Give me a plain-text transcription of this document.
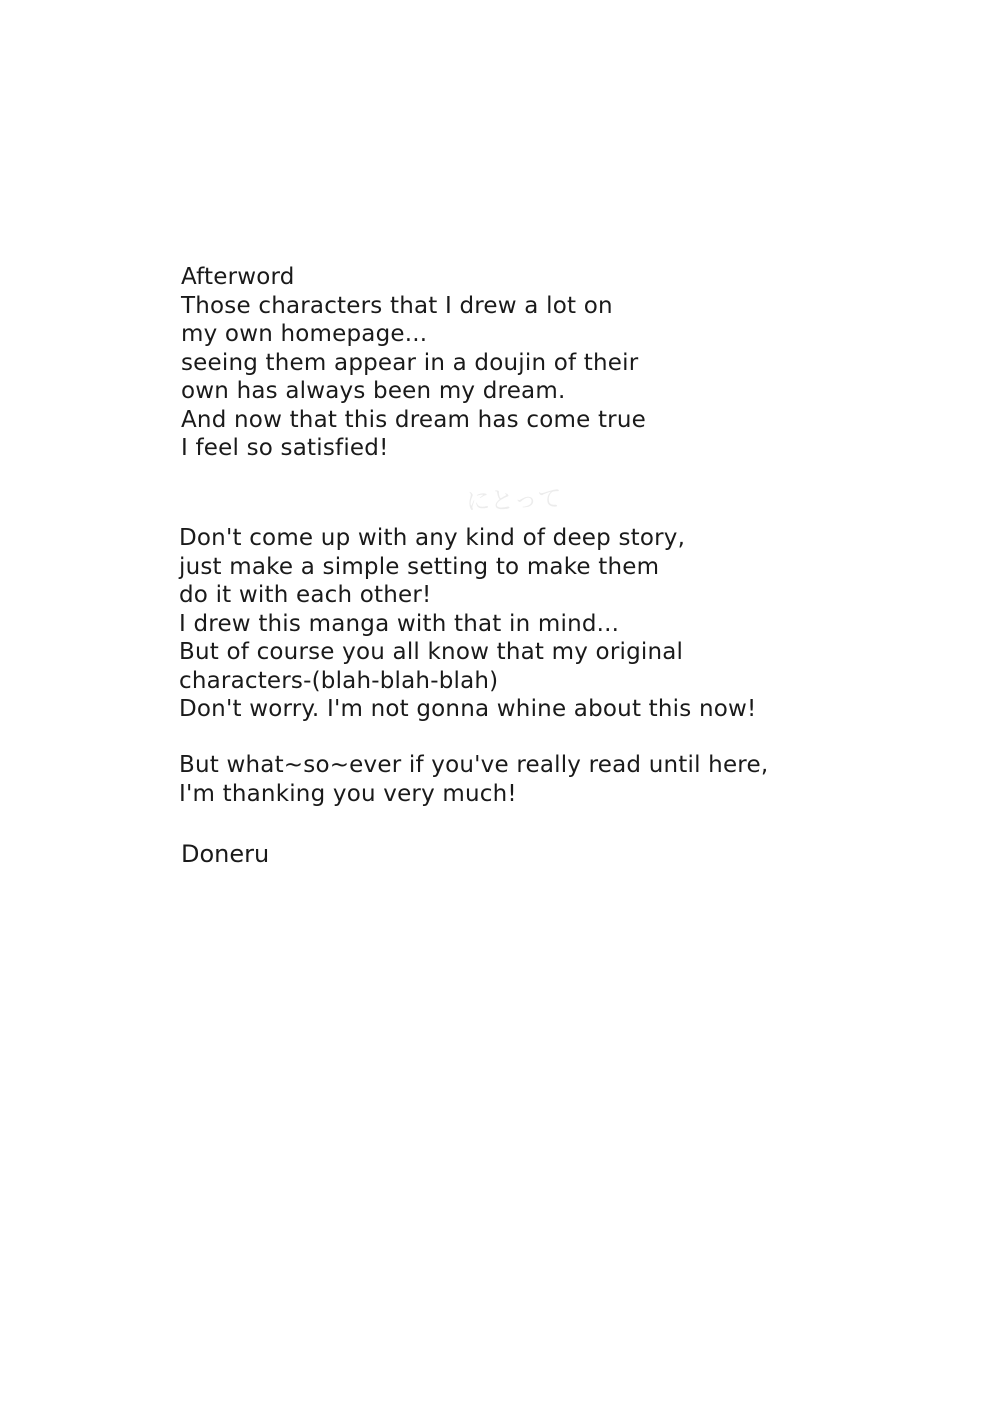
Afterword

Those characters that I drew a lot on

my own homepage...

seeing them appear in a doujin of their

own has always been my dream.

And now that this dream has come true

I feel so satisfied!

にとって

Don't come up with any kind of deep story,

just make a simple setting to make them

do it with each other!

I drew this manga with that in mind...

But of course you all know that my original

characters-(blah-blah-blah)

Don't worry. I'm not gonna whine about this now!

But what~so~ever if you've really read until here,

I'm thanking you very much!

Doneru
